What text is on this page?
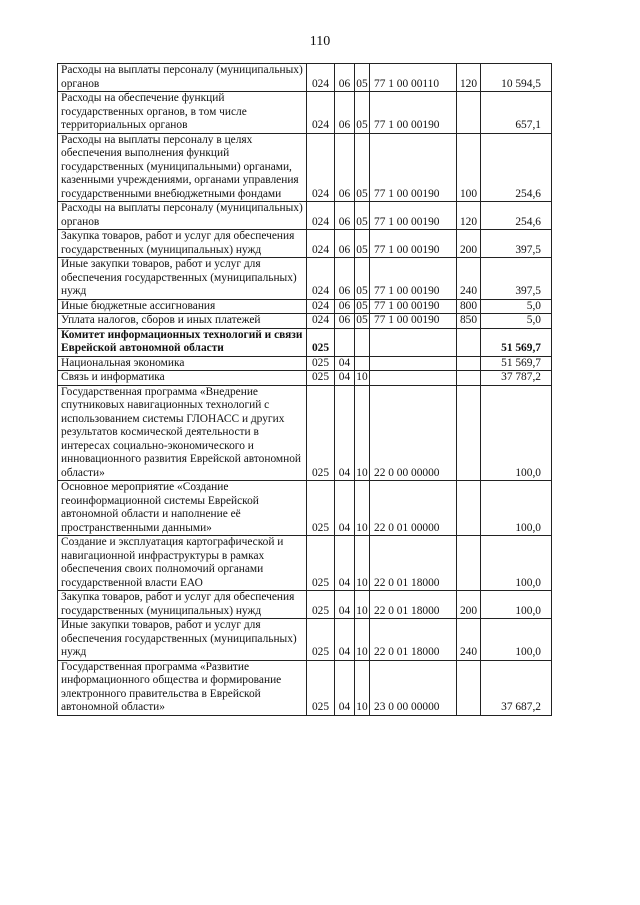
110
Расходы на выплаты персоналу (муниципальных) органов	024	06	05	77 1 00 00110	120	10 594,5
Расходы на обеспечение функций государственных органов, в том числе территориальных органов	024	06	05	77 1 00 00190		657,1
Расходы на выплаты персоналу в целях обеспечения выполнения функций государственных (муниципальными) органами, казенными учреждениями, органами управления государственными внебюджетными фондами	024	06	05	77 1 00 00190	100	254,6
Расходы на выплаты персоналу (муниципальных) органов	024	06	05	77 1 00 00190	120	254,6
Закупка товаров, работ и услуг для обеспечения государственных (муниципальных) нужд	024	06	05	77 1 00 00190	200	397,5
Иные закупки товаров, работ и услуг для обеспечения государственных (муниципальных) нужд	024	06	05	77 1 00 00190	240	397,5
Иные бюджетные ассигнования	024	06	05	77 1 00 00190	800	5,0
Уплата налогов, сборов и иных платежей	024	06	05	77 1 00 00190	850	5,0
Комитет информационных технологий и связи Еврейской автономной области	025					51 569,7
Национальная экономика	025	04				51 569,7
Связь и информатика	025	04	10			37 787,2
Государственная программа «Внедрение спутниковых навигационных технологий с использованием системы ГЛОНАСС и других результатов космической деятельности в интересах социально-экономического и инновационного развития Еврейской автономной области»	025	04	10	22 0 00 00000		100,0
Основное мероприятие «Создание геоинформационной системы Еврейской автономной области и наполнение её пространственными данными»	025	04	10	22 0 01 00000		100,0
Создание и эксплуатация картографической и навигационной инфраструктуры в рамках обеспечения своих полномочий органами государственной власти ЕАО	025	04	10	22 0 01 18000		100,0
Закупка товаров, работ и услуг для обеспечения государственных (муниципальных) нужд	025	04	10	22 0 01 18000	200	100,0
Иные закупки товаров, работ и услуг для обеспечения государственных (муниципальных) нужд	025	04	10	22 0 01 18000	240	100,0
Государственная программа «Развитие информационного общества и формирование электронного правительства в Еврейской автономной области»	025	04	10	23 0 00 00000		37 687,2
